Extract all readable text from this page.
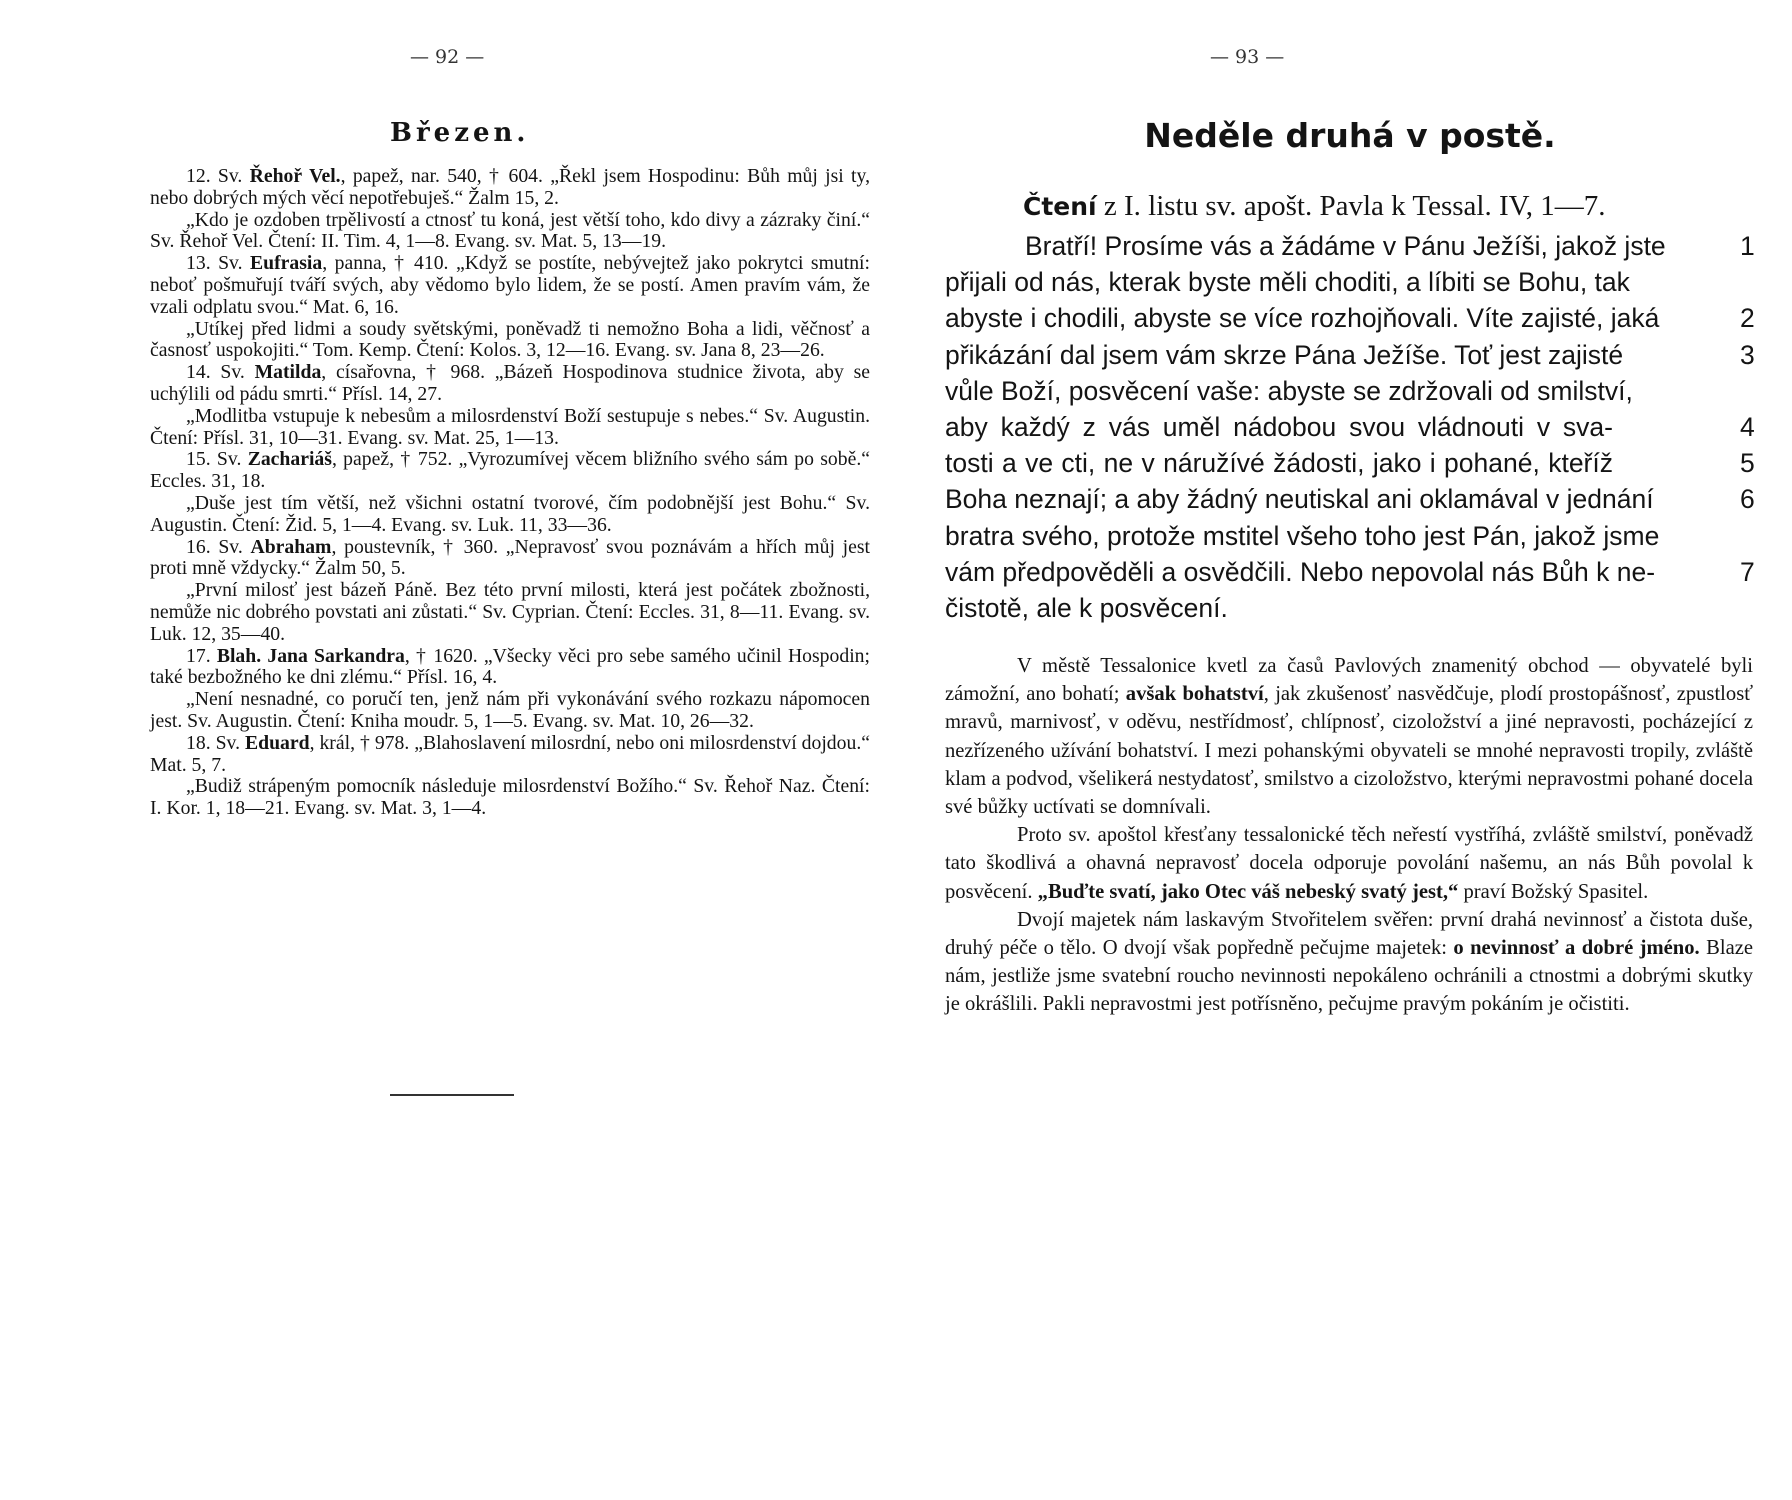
— 92 —
Březen.

12. Sv. Řehoř Vel., papež, nar. 540, † 604. „Řekl jsem Hospodinu: Bůh můj jsi ty, nebo dobrých mých věcí nepotřebuješ.“ Žalm 15, 2.

„Kdo je ozdoben trpělivostí a ctnosť tu koná, jest větší toho, kdo divy a zázraky činí.“ Sv. Řehoř Vel. Čtení: II. Tim. 4, 1—8. Evang. sv. Mat. 5, 13—19.

13. Sv. Eufrasia, panna, † 410. „Když se postíte, nebývejtež jako pokrytci smutní: neboť pošmuřují tváří svých, aby vědomo bylo lidem, že se postí. Amen pravím vám, že vzali odplatu svou.“ Mat. 6, 16.

„Utíkej před lidmi a soudy světskými, poněvadž ti nemožno Boha a lidi, věčnosť a časnosť uspokojiti.“ Tom. Kemp. Čtení: Kolos. 3, 12—16. Evang. sv. Jana 8, 23—26.

14. Sv. Matilda, císařovna, † 968. „Bázeň Hospodinova studnice života, aby se uchýlili od pádu smrti.“ Přísl. 14, 27.

„Modlitba vstupuje k nebesům a milosrdenství Boží sestupuje s nebes.“ Sv. Augustin. Čtení: Přísl. 31, 10—31. Evang. sv. Mat. 25, 1—13.

15. Sv. Zachariáš, papež, † 752. „Vyrozumívej věcem bližního svého sám po sobě.“ Eccles. 31, 18.

„Duše jest tím větší, než všichni ostatní tvorové, čím podobnější jest Bohu.“ Sv. Augustin. Čtení: Žid. 5, 1—4. Evang. sv. Luk. 11, 33—36.

16. Sv. Abraham, poustevník, † 360. „Nepravosť svou poznávám a hřích můj jest proti mně vždycky.“ Žalm 50, 5.

„První milosť jest bázeň Páně. Bez této první milosti, která jest počátek zbožnosti, nemůže nic dobrého povstati ani zůstati.“ Sv. Cyprian. Čtení: Eccles. 31, 8—11. Evang. sv. Luk. 12, 35—40.

17. Blah. Jana Sarkandra, † 1620. „Všecky věci pro sebe samého učinil Hospodin; také bezbožného ke dni zlému.“ Přísl. 16, 4.

„Není nesnadné, co poručí ten, jenž nám při vykonávání svého rozkazu nápomocen jest. Sv. Augustin. Čtení: Kniha moudr. 5, 1—5. Evang. sv. Mat. 10, 26—32.

18. Sv. Eduard, král, † 978. „Blahoslavení milosrdní, nebo oni milosrdenství dojdou.“ Mat. 5, 7.

„Budiž strápeným pomocník následuje milosrdenství Božího.“ Sv. Řehoř Naz. Čtení: I. Kor. 1, 18—21. Evang. sv. Mat. 3, 1—4.

— 93 —
Neděle druhá v postě.
Čtení z I. listu sv. apošt. Pavla k Tessal. IV, 1—7.
Bratří! Prosíme vás a žádáme v Pánu Ježíši, jakož jste	1
přijali od nás, kterak byste měli choditi, a líbiti se Bohu, tak
abyste i chodili, abyste se více rozhojňovali. Víte zajisté, jaká	2
přikázání dal jsem vám skrze Pána Ježíše. Toť jest zajisté	3
vůle Boží, posvěcení vaše: abyste se zdržovali od smilství,
aby každý z vás uměl nádobou svou vládnouti v sva-	4
tosti a ve cti, ne v náružívé žádosti, jako i pohané, kteříž	5
Boha neznají; a aby žádný neutiskal ani oklamával v jednání	6
bratra svého, protože mstitel všeho toho jest Pán, jakož jsme
vám předpověděli a osvědčili. Nebo nepovolal nás Bůh k ne-	7
čistotě, ale k posvěcení.

V městě Tessalonice kvetl za časů Pavlových znamenitý obchod — obyvatelé byli zámožní, ano bohatí; avšak bohatství, jak zkušenosť nasvědčuje, plodí prostopášnosť, zpustlosť mravů, marnivosť, v oděvu, nestřídmosť, chlípnosť, cizoložství a jiné nepravosti, pocházející z nezřízeného užívání bohatství. I mezi pohanskými obyvateli se mnohé nepravosti tropily, zvláště klam a podvod, všelikerá nestydatosť, smilstvo a cizoložstvo, kterými nepravostmi pohané docela své bůžky uctívati se domnívali.

Proto sv. apoštol křesťany tessalonické těch neřestí vystříhá, zvláště smilství, poněvadž tato škodlivá a ohavná nepravosť docela odporuje povolání našemu, an nás Bůh povolal k posvěcení. „Buďte svatí, jako Otec váš nebeský svatý jest,“ praví Božský Spasitel.

Dvojí majetek nám laskavým Stvořitelem svěřen: první drahá nevinnosť a čistota duše, druhý péče o tělo. O dvojí však popředně pečujme majetek: o nevinnosť a dobré jméno. Blaze nám, jestliže jsme svatební roucho nevinnosti nepokáleno ochránili a ctnostmi a dobrými skutky je okrášlili. Pakli nepravostmi jest potřísněno, pečujme pravým pokáním je očistiti.
